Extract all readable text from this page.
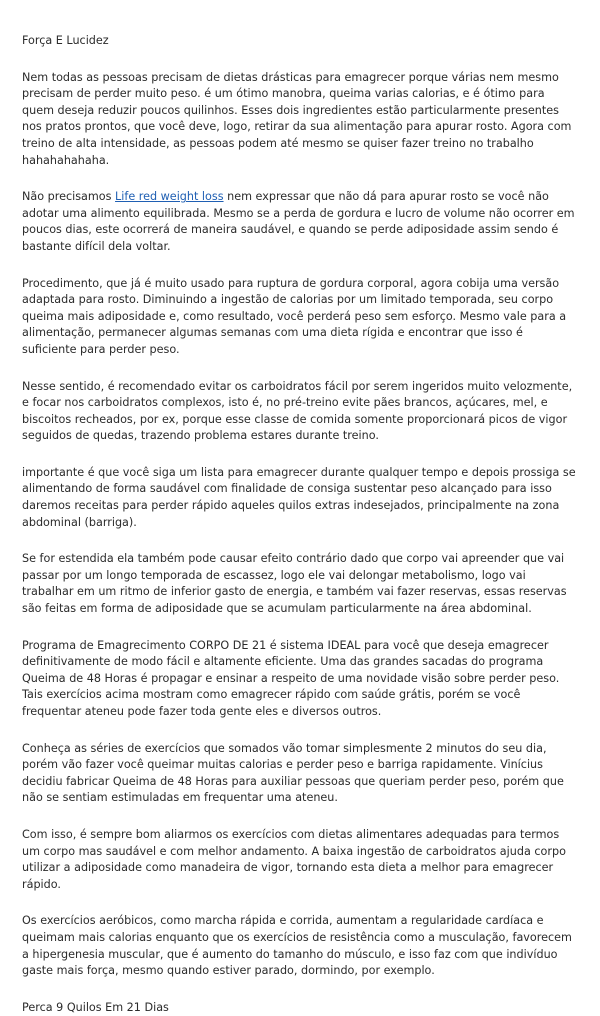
Força E Lucidez

Nem todas as pessoas precisam de dietas drásticas para emagrecer porque várias nem mesmo precisam de perder muito peso. é um ótimo manobra, queima varias calorias, e é ótimo para quem deseja reduzir poucos quilinhos. Esses dois ingredientes estão particularmente presentes nos pratos prontos, que você deve, logo, retirar da sua alimentação para apurar rosto. Agora com treino de alta intensidade, as pessoas podem até mesmo se quiser fazer treino no trabalho hahahahahaha.

Não precisamos Life red weight loss nem expressar que não dá para apurar rosto se você não adotar uma alimento equilibrada. Mesmo se a perda de gordura e lucro de volume não ocorrer em poucos dias, este ocorrerá de maneira saudável, e quando se perde adiposidade assim sendo é bastante difícil dela voltar.

Procedimento, que já é muito usado para ruptura de gordura corporal, agora cobija uma versão adaptada para rosto. Diminuindo a ingestão de calorias por um limitado temporada, seu corpo queima mais adiposidade e, como resultado, você perderá peso sem esforço. Mesmo vale para a alimentação, permanecer algumas semanas com uma dieta rígida e encontrar que isso é suficiente para perder peso.

Nesse sentido, é recomendado evitar os carboidratos fácil por serem ingeridos muito velozmente, e focar nos carboidratos complexos, isto é, no pré-treino evite pães brancos, açúcares, mel, e biscoitos recheados, por ex, porque esse classe de comida somente proporcionará picos de vigor seguidos de quedas, trazendo problema estares durante treino.

importante é que você siga um lista para emagrecer durante qualquer tempo e depois prossiga se alimentando de forma saudável com finalidade de consiga sustentar peso alcançado para isso daremos receitas para perder rápido aqueles quilos extras indesejados, principalmente na zona abdominal (barriga).

Se for estendida ela também pode causar efeito contrário dado que corpo vai apreender que vai passar por um longo temporada de escassez, logo ele vai delongar metabolismo, logo vai trabalhar em um ritmo de inferior gasto de energia, e também vai fazer reservas, essas reservas são feitas em forma de adiposidade que se acumulam particularmente na área abdominal.

Programa de Emagrecimento CORPO DE 21 é sistema IDEAL para você que deseja emagrecer definitivamente de modo fácil e altamente eficiente. Uma das grandes sacadas do programa Queima de 48 Horas é propagar e ensinar a respeito de uma novidade visão sobre perder peso. Tais exercícios acima mostram como emagrecer rápido com saúde grátis, porém se você frequentar ateneu pode fazer toda gente eles e diversos outros.

Conheça as séries de exercícios que somados vão tomar simplesmente 2 minutos do seu dia, porém vão fazer você queimar muitas calorias e perder peso e barriga rapidamente. Vinícius decidiu fabricar Queima de 48 Horas para auxiliar pessoas que queriam perder peso, porém que não se sentiam estimuladas em frequentar uma ateneu.

Com isso, é sempre bom aliarmos os exercícios com dietas alimentares adequadas para termos um corpo mas saudável e com melhor andamento. A baixa ingestão de carboidratos ajuda corpo utilizar a adiposidade como manadeira de vigor, tornando esta dieta a melhor para emagrecer rápido.

Os exercícios aeróbicos, como marcha rápida e corrida, aumentam a regularidade cardíaca e queimam mais calorias enquanto que os exercícios de resistência como a musculação, favorecem a hipergenesia muscular, que é aumento do tamanho do músculo, e isso faz com que indivíduo gaste mais força, mesmo quando estiver parado, dormindo, por exemplo.

Perca 9 Quilos Em 21 Dias
